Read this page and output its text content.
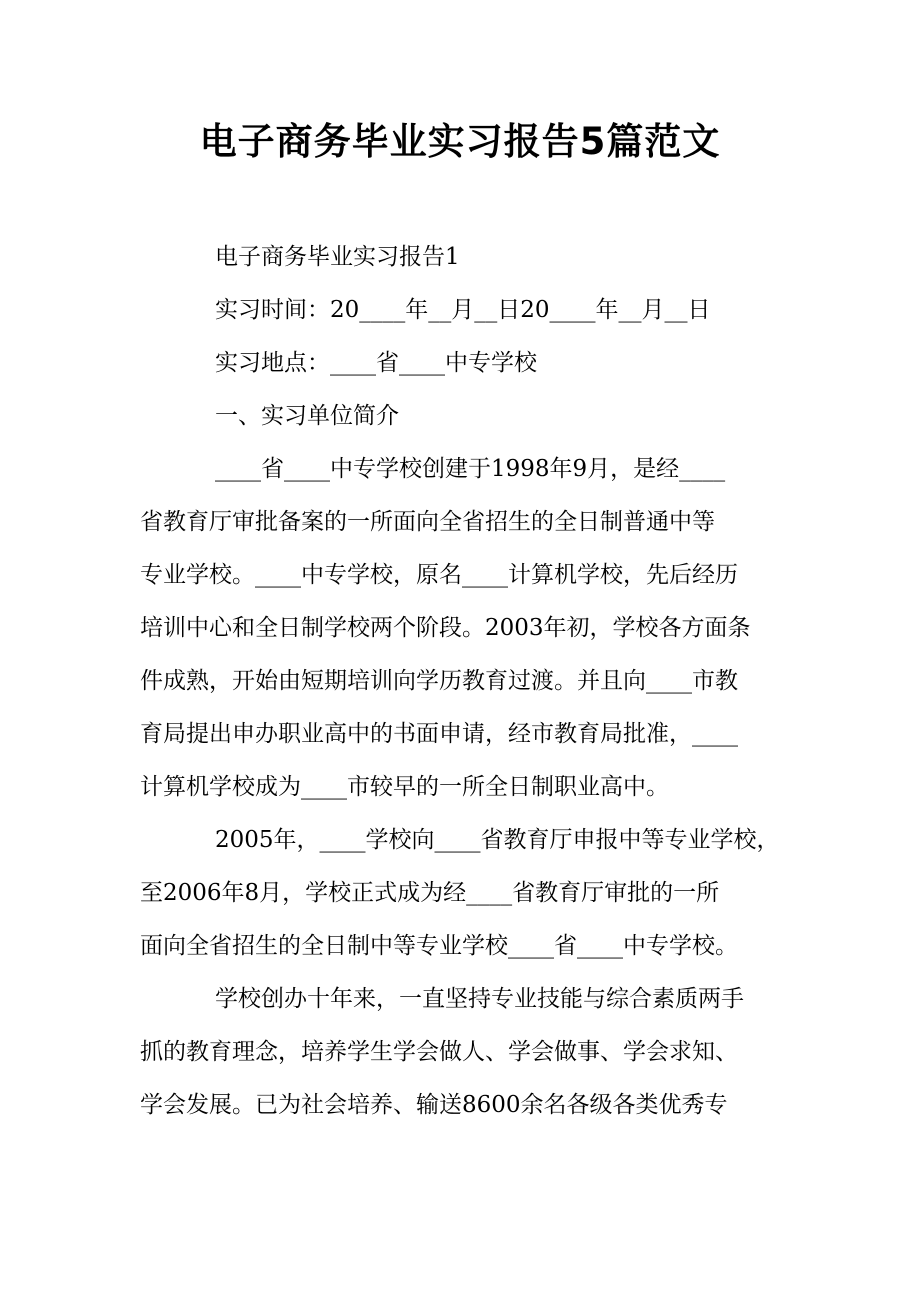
电子商务毕业实习报告5篇范文
电子商务毕业实习报告1
实习时间：20____年__月__日20____年__月__日
实习地点：____省____中专学校
一、实习单位简介
____省____中专学校创建于1998年9月，是经____
省教育厅审批备案的一所面向全省招生的全日制普通中等
专业学校。____中专学校，原名____计算机学校，先后经历
培训中心和全日制学校两个阶段。2003年初，学校各方面条
件成熟，开始由短期培训向学历教育过渡。并且向____市教
育局提出申办职业高中的书面申请，经市教育局批准，____
计算机学校成为____市较早的一所全日制职业高中。
2005年，____学校向____省教育厅申报中等专业学校，
至2006年8月，学校正式成为经____省教育厅审批的一所
面向全省招生的全日制中等专业学校____省____中专学校。
学校创办十年来，一直坚持专业技能与综合素质两手
抓的教育理念，培养学生学会做人、学会做事、学会求知、
学会发展。已为社会培养、输送8600余名各级各类优秀专
